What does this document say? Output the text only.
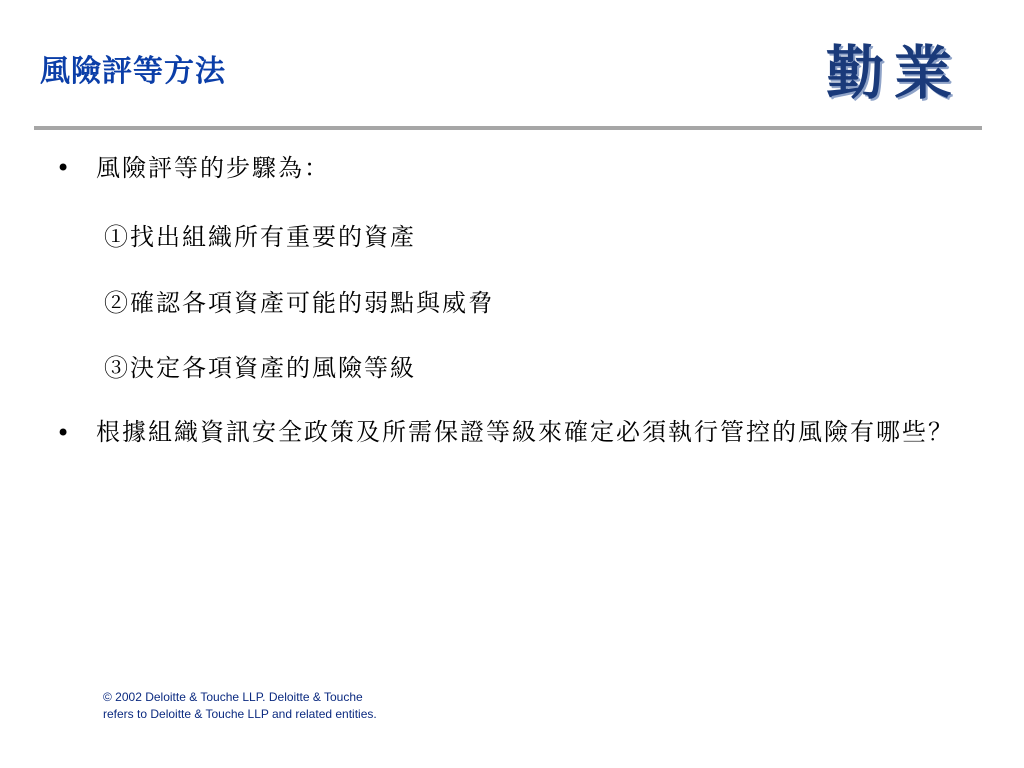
風險評等方法	勤業
• 風險評等的步驟為：
①找出組織所有重要的資產
②確認各項資產可能的弱點與威脅
③決定各項資產的風險等級
• 根據組織資訊安全政策及所需保證等級來確定必須執行管控的風險有哪些？
© 2002 Deloitte & Touche LLP. Deloitte & Touche
refers to Deloitte & Touche LLP and related entities.
